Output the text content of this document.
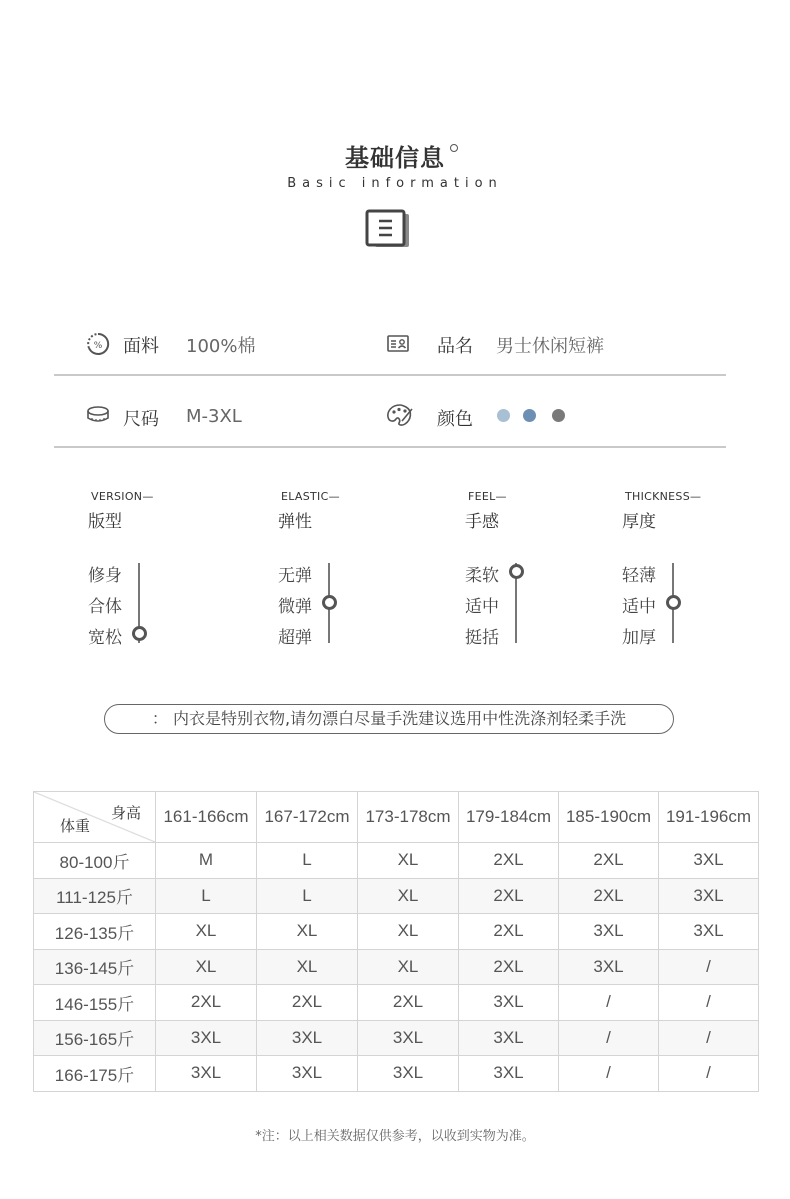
基础信息
Basic information
% 面料 100%棉	品名 男士休闲短裤
尺码 M-3XL	颜色
VERSION—
版型
修身
合体
宽松
ELASTIC—
弹性
无弹
微弹
超弹
FEEL—
手感
柔软
适中
挺括
THICKNESS—
厚度
轻薄
适中
加厚
： 内衣是特别衣物,请勿漂白尽量手洗建议选用中性洗涤剂轻柔手洗
身高
体重	161-166cm	167-172cm	173-178cm	179-184cm	185-190cm	191-196cm
80-100斤	M	L	XL	2XL	2XL	3XL
111-125斤	L	L	XL	2XL	2XL	3XL
126-135斤	XL	XL	XL	2XL	3XL	3XL
136-145斤	XL	XL	XL	2XL	3XL	/
146-155斤	2XL	2XL	2XL	3XL	/	/
156-165斤	3XL	3XL	3XL	3XL	/	/
166-175斤	3XL	3XL	3XL	3XL	/	/
*注：以上相关数据仅供参考，以收到实物为准。
